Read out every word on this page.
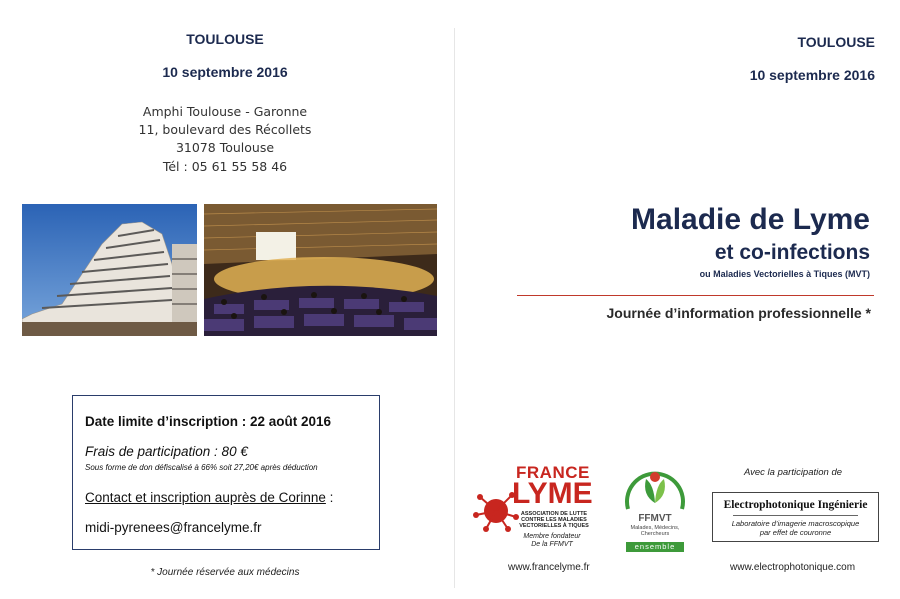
TOULOUSE
10 septembre 2016
Amphi Toulouse - Garonne
11, boulevard des Récollets
31078 Toulouse
Tél : 05 61 55 58 46
Date limite d’inscription : 22 août 2016
Frais de participation : 80 €
Sous forme de don défiscalisé à 66% soit 27,20€ après déduction
Contact et inscription auprès de Corinne :
midi-pyrenees@francelyme.fr
* Journée réservée aux médecins
TOULOUSE
10 septembre 2016
Maladie de Lyme
et co-infections
ou Maladies Vectorielles à Tiques (MVT)
Journée d’information professionnelle *
FRANCE
LYME
ASSOCIATION DE LUTTE
CONTRE LES MALADIES
VECTORIELLES À TIQUES
Membre fondateur
De la FFMVT
www.francelyme.fr
FFMVT
Malades, Médecins,
Chercheurs
ensemble
Avec la participation de
Electrophotonique Ingénierie
Laboratoire d’imagerie macroscopique
par effet de couronne
www.electrophotonique.com
